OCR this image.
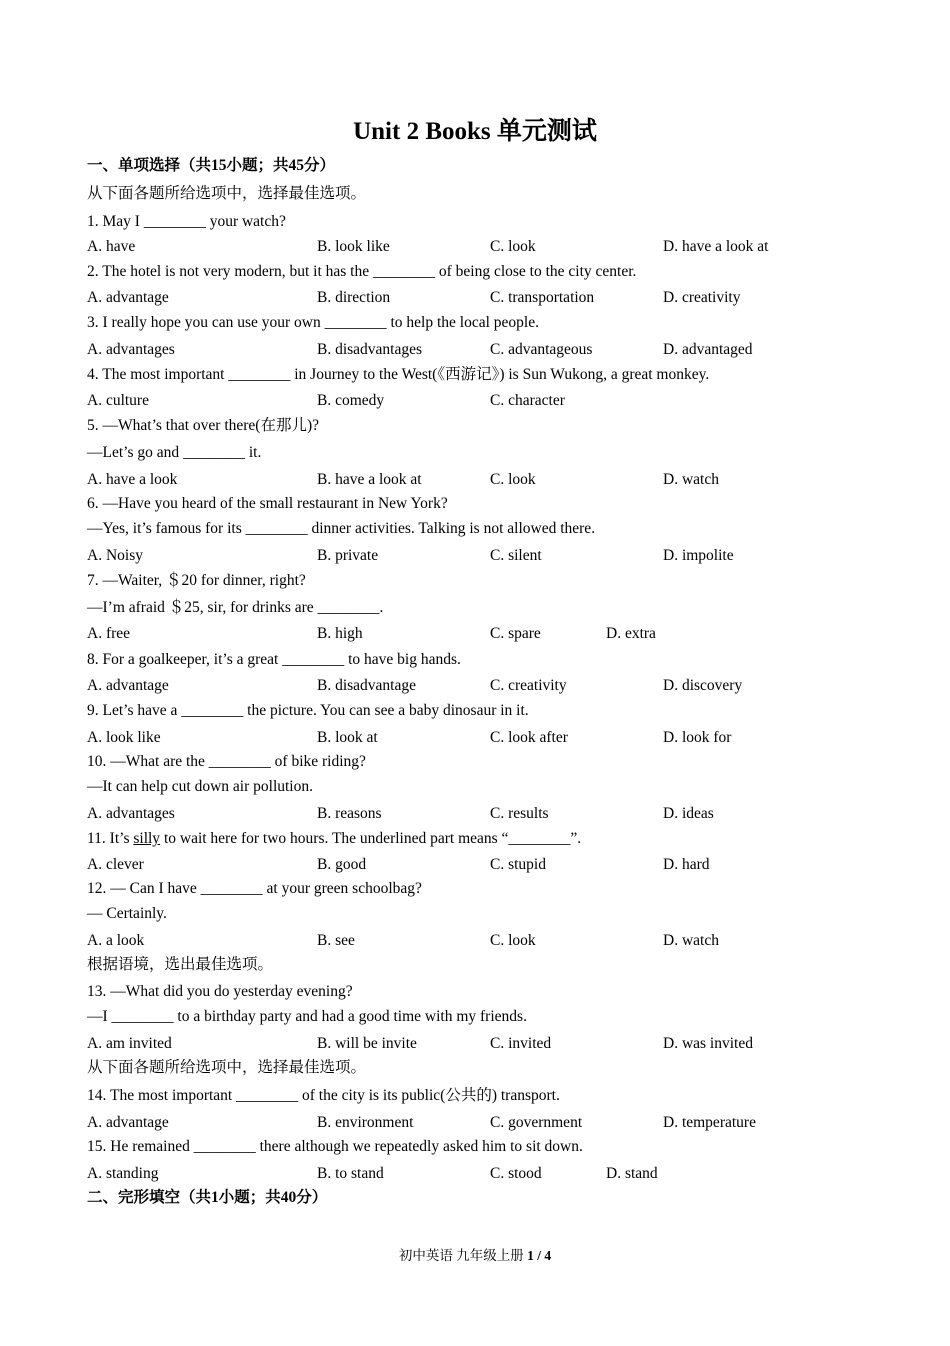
Unit 2 Books 单元测试
一、单项选择（共15小题；共45分）
从下面各题所给选项中，选择最佳选项。
1. May I ________ your watch?
A. have	B. look like	C. look	D. have a look at
2. The hotel is not very modern, but it has the ________ of being close to the city center.
A. advantage	B. direction	C. transportation	D. creativity
3. I really hope you can use your own ________ to help the local people.
A. advantages	B. disadvantages	C. advantageous	D. advantaged
4. The most important ________ in Journey to the West(《西游记》) is Sun Wukong, a great monkey.
A. culture	B. comedy	C. character
5. —What’s that over there(在那儿)?
—Let’s go and ________ it.
A. have a look	B. have a look at	C. look	D. watch
6. —Have you heard of the small restaurant in New York?
—Yes, it’s famous for its ________ dinner activities. Talking is not allowed there.
A. Noisy	B. private	C. silent	D. impolite
7. —Waiter, ＄20 for dinner, right?
—I’m afraid ＄25, sir, for drinks are ________.
A. free	B. high	C. spare	D. extra
8. For a goalkeeper, it’s a great ________ to have big hands.
A. advantage	B. disadvantage	C. creativity	D. discovery
9. Let’s have a ________ the picture. You can see a baby dinosaur in it.
A. look like	B. look at	C. look after	D. look for
10. —What are the ________ of bike riding?
—It can help cut down air pollution.
A. advantages	B. reasons	C. results	D. ideas
11. It’s silly to wait here for two hours. The underlined part means “________”.
A. clever	B. good	C. stupid	D. hard
12. — Can I have ________ at your green schoolbag?
— Certainly.
A. a look	B. see	C. look	D. watch
根据语境，选出最佳选项。
13. —What did you do yesterday evening?
—I ________ to a birthday party and had a good time with my friends.
A. am invited	B. will be invite	C. invited	D. was invited
从下面各题所给选项中，选择最佳选项。
14. The most important ________ of the city is its public(公共的) transport.
A. advantage	B. environment	C. government	D. temperature
15. He remained ________ there although we repeatedly asked him to sit down.
A. standing	B. to stand	C. stood	D. stand
二、完形填空（共1小题；共40分）
初中英语 九年级上册 1 / 4
